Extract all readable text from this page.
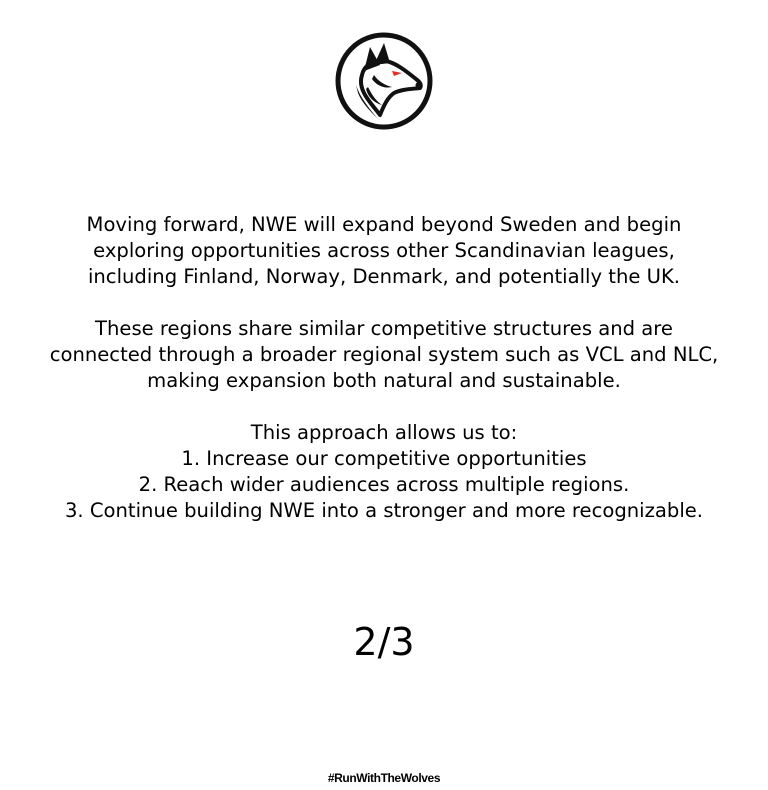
Moving forward, NWE will expand beyond Sweden and begin
exploring opportunities across other Scandinavian leagues,
including Finland, Norway, Denmark, and potentially the UK.

These regions share similar competitive structures and are
connected through a broader regional system such as VCL and NLC,
making expansion both natural and sustainable.

This approach allows us to:
1. Increase our competitive opportunities
2. Reach wider audiences across multiple regions.
3. Continue building NWE into a stronger and more recognizable.

2/3
#RunWithTheWolves
